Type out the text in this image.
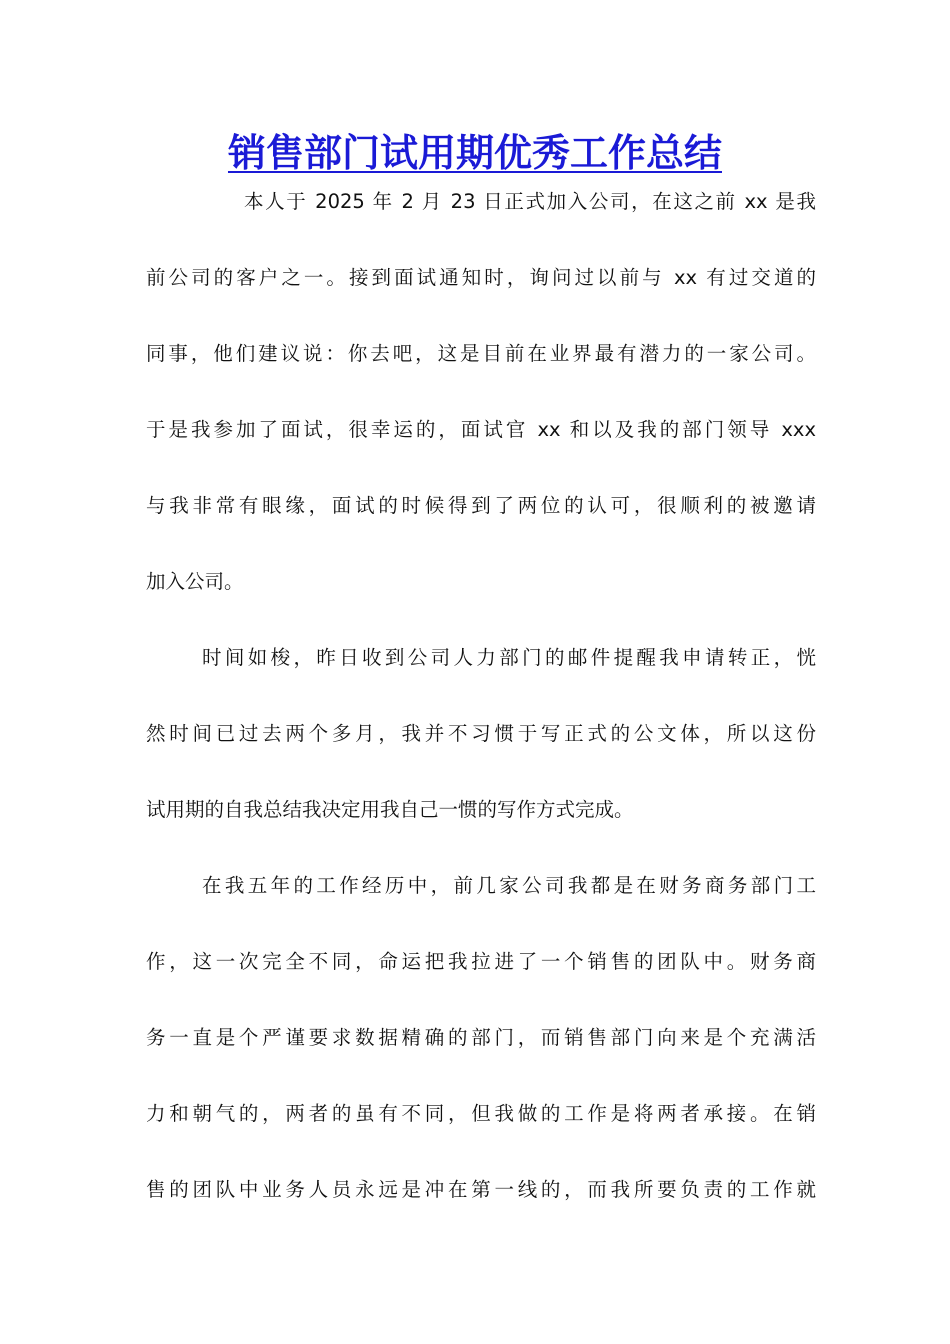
销售部门试用期优秀工作总结
本人于 2025 年 2 月 23 日正式加入公司，在这之前 xx 是我
前公司的客户之一。接到面试通知时，询问过以前与 xx 有过交道的
同事，他们建议说：你去吧，这是目前在业界最有潜力的一家公司。
于是我参加了面试，很幸运的，面试官 xx 和以及我的部门领导 xxx
与我非常有眼缘，面试的时候得到了两位的认可，很顺利的被邀请
加入公司。
时间如梭，昨日收到公司人力部门的邮件提醒我申请转正，恍
然时间已过去两个多月，我并不习惯于写正式的公文体，所以这份
试用期的自我总结我决定用我自己一惯的写作方式完成。
在我五年的工作经历中，前几家公司我都是在财务商务部门工
作，这一次完全不同，命运把我拉进了一个销售的团队中。财务商
务一直是个严谨要求数据精确的部门，而销售部门向来是个充满活
力和朝气的，两者的虽有不同，但我做的工作是将两者承接。在销
售的团队中业务人员永远是冲在第一线的，而我所要负责的工作就
